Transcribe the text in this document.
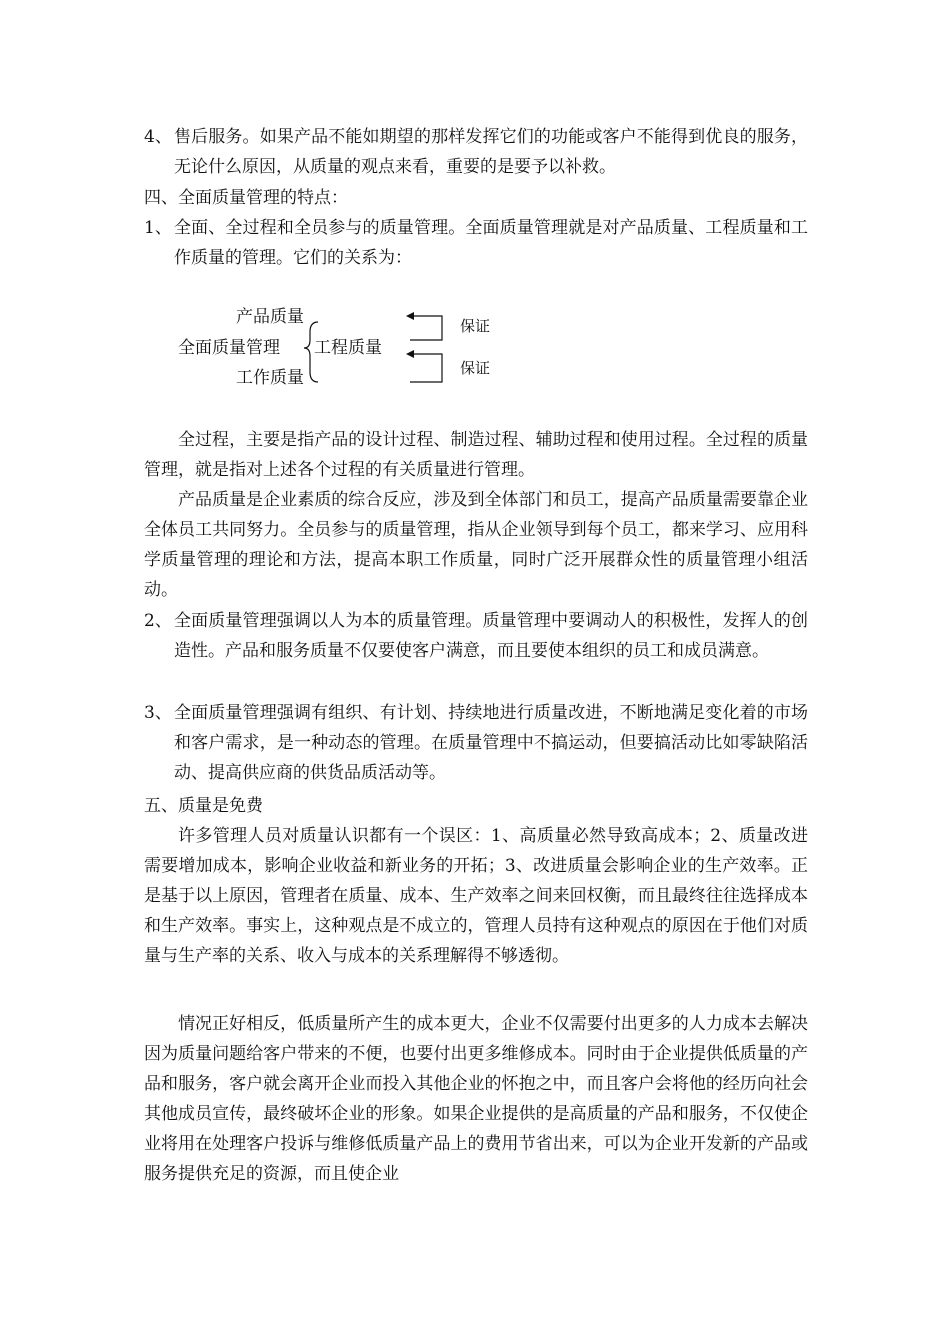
4、 售后服务。如果产品不能如期望的那样发挥它们的功能或客户不能得到优良的服务，无论什么原因，从质量的观点来看，重要的是要予以补救。
四、全面质量管理的特点：
1、 全面、全过程和全员参与的质量管理。全面质量管理就是对产品质量、工程质量和工作质量的管理。它们的关系为：
产品质量
全面质量管理 工程质量
工作质量
保证
保证
全过程，主要是指产品的设计过程、制造过程、辅助过程和使用过程。全过程的质量管理，就是指对上述各个过程的有关质量进行管理。
产品质量是企业素质的综合反应，涉及到全体部门和员工，提高产品质量需要靠企业全体员工共同努力。全员参与的质量管理，指从企业领导到每个员工，都来学习、应用科学质量管理的理论和方法，提高本职工作质量，同时广泛开展群众性的质量管理小组活动。
2、 全面质量管理强调以人为本的质量管理。质量管理中要调动人的积极性，发挥人的创造性。产品和服务质量不仅要使客户满意，而且要使本组织的员工和成员满意。
3、 全面质量管理强调有组织、有计划、持续地进行质量改进，不断地满足变化着的市场和客户需求，是一种动态的管理。在质量管理中不搞运动，但要搞活动比如零缺陷活动、提高供应商的供货品质活动等。
五、质量是免费
许多管理人员对质量认识都有一个误区：1、高质量必然导致高成本；2、质量改进需要增加成本，影响企业收益和新业务的开拓；3、改进质量会影响企业的生产效率。正是基于以上原因，管理者在质量、成本、生产效率之间来回权衡，而且最终往往选择成本和生产效率。事实上，这种观点是不成立的，管理人员持有这种观点的原因在于他们对质量与生产率的关系、收入与成本的关系理解得不够透彻。
情况正好相反，低质量所产生的成本更大，企业不仅需要付出更多的人力成本去解决因为质量问题给客户带来的不便，也要付出更多维修成本。同时由于企业提供低质量的产品和服务，客户就会离开企业而投入其他企业的怀抱之中，而且客户会将他的经历向社会其他成员宣传，最终破坏企业的形象。如果企业提供的是高质量的产品和服务，不仅使企业将用在处理客户投诉与维修低质量产品上的费用节省出来，可以为企业开发新的产品或服务提供充足的资源，而且使企业
